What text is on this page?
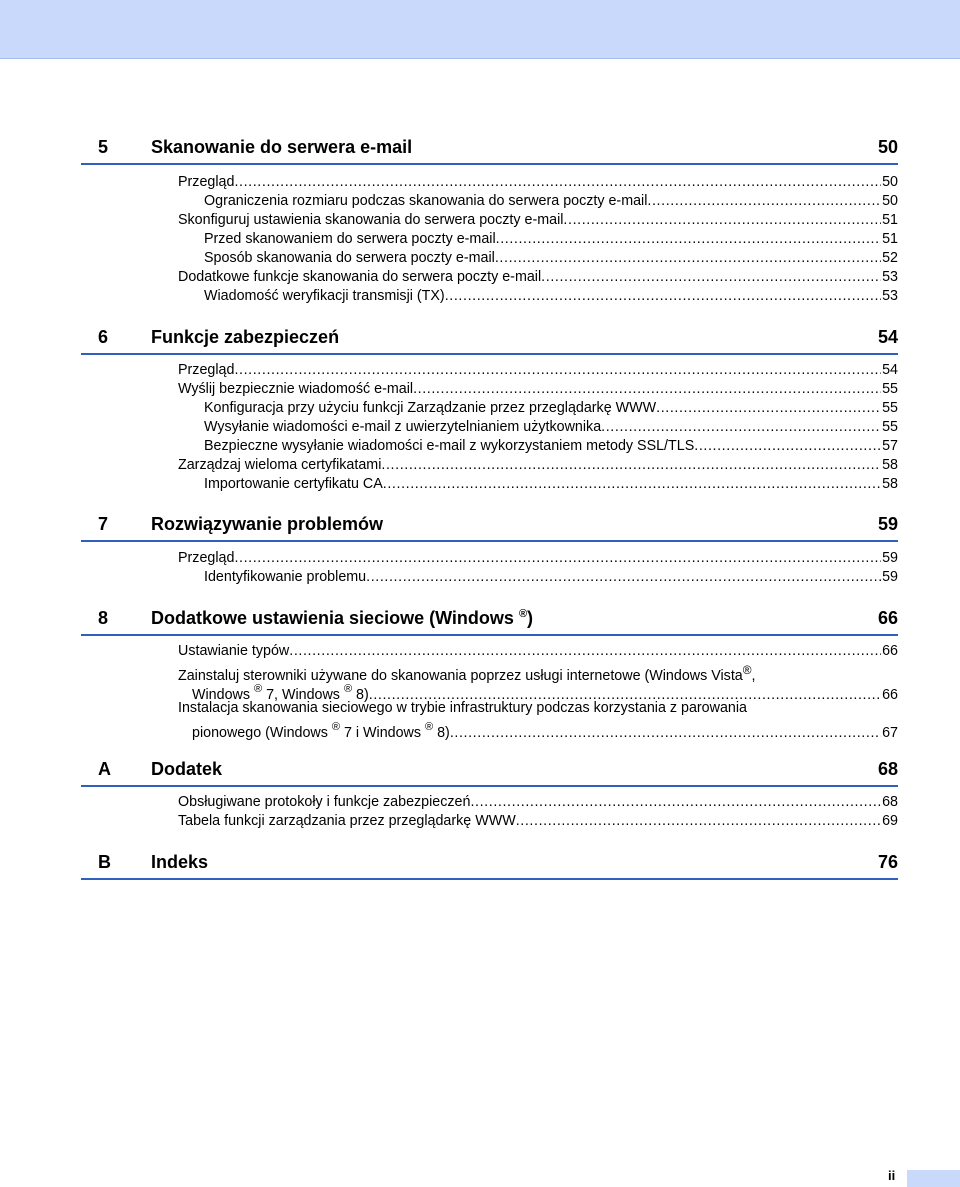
5 Skanowanie do serwera e-mail	50
Przegląd .....	50
Ograniczenia rozmiaru podczas skanowania do serwera poczty e-mail .....	50
Skonfiguruj ustawienia skanowania do serwera poczty e-mail .....	51
Przed skanowaniem do serwera poczty e-mail .....	51
Sposób skanowania do serwera poczty e-mail .....	52
Dodatkowe funkcje skanowania do serwera poczty e-mail .....	53
Wiadomość weryfikacji transmisji (TX) .....	53
6 Funkcje zabezpieczeń	54
Przegląd .....	54
Wyślij bezpiecznie wiadomość e-mail .....	55
Konfiguracja przy użyciu funkcji Zarządzanie przez przeglądarkę WWW .....	55
Wysyłanie wiadomości e-mail z uwierzytelnianiem użytkownika .....	55
Bezpieczne wysyłanie wiadomości e-mail z wykorzystaniem metody SSL/TLS .....	57
Zarządzaj wieloma certyfikatami .....	58
Importowanie certyfikatu CA .....	58
7 Rozwiązywanie problemów	59
Przegląd .....	59
Identyfikowanie problemu .....	59
8 Dodatkowe ustawienia sieciowe (Windows ®)	66
Ustawianie typów .....	66
Zainstaluj sterowniki używane do skanowania poprzez usługi internetowe (Windows Vista®,
Windows ® 7, Windows ® 8) .....	66
Instalacja skanowania sieciowego w trybie infrastruktury podczas korzystania z parowania
pionowego (Windows ® 7 i Windows ® 8) .....	67
A Dodatek	68
Obsługiwane protokoły i funkcje zabezpieczeń .....	68
Tabela funkcji zarządzania przez przeglądarkę WWW .....	69
B Indeks	76
ii
